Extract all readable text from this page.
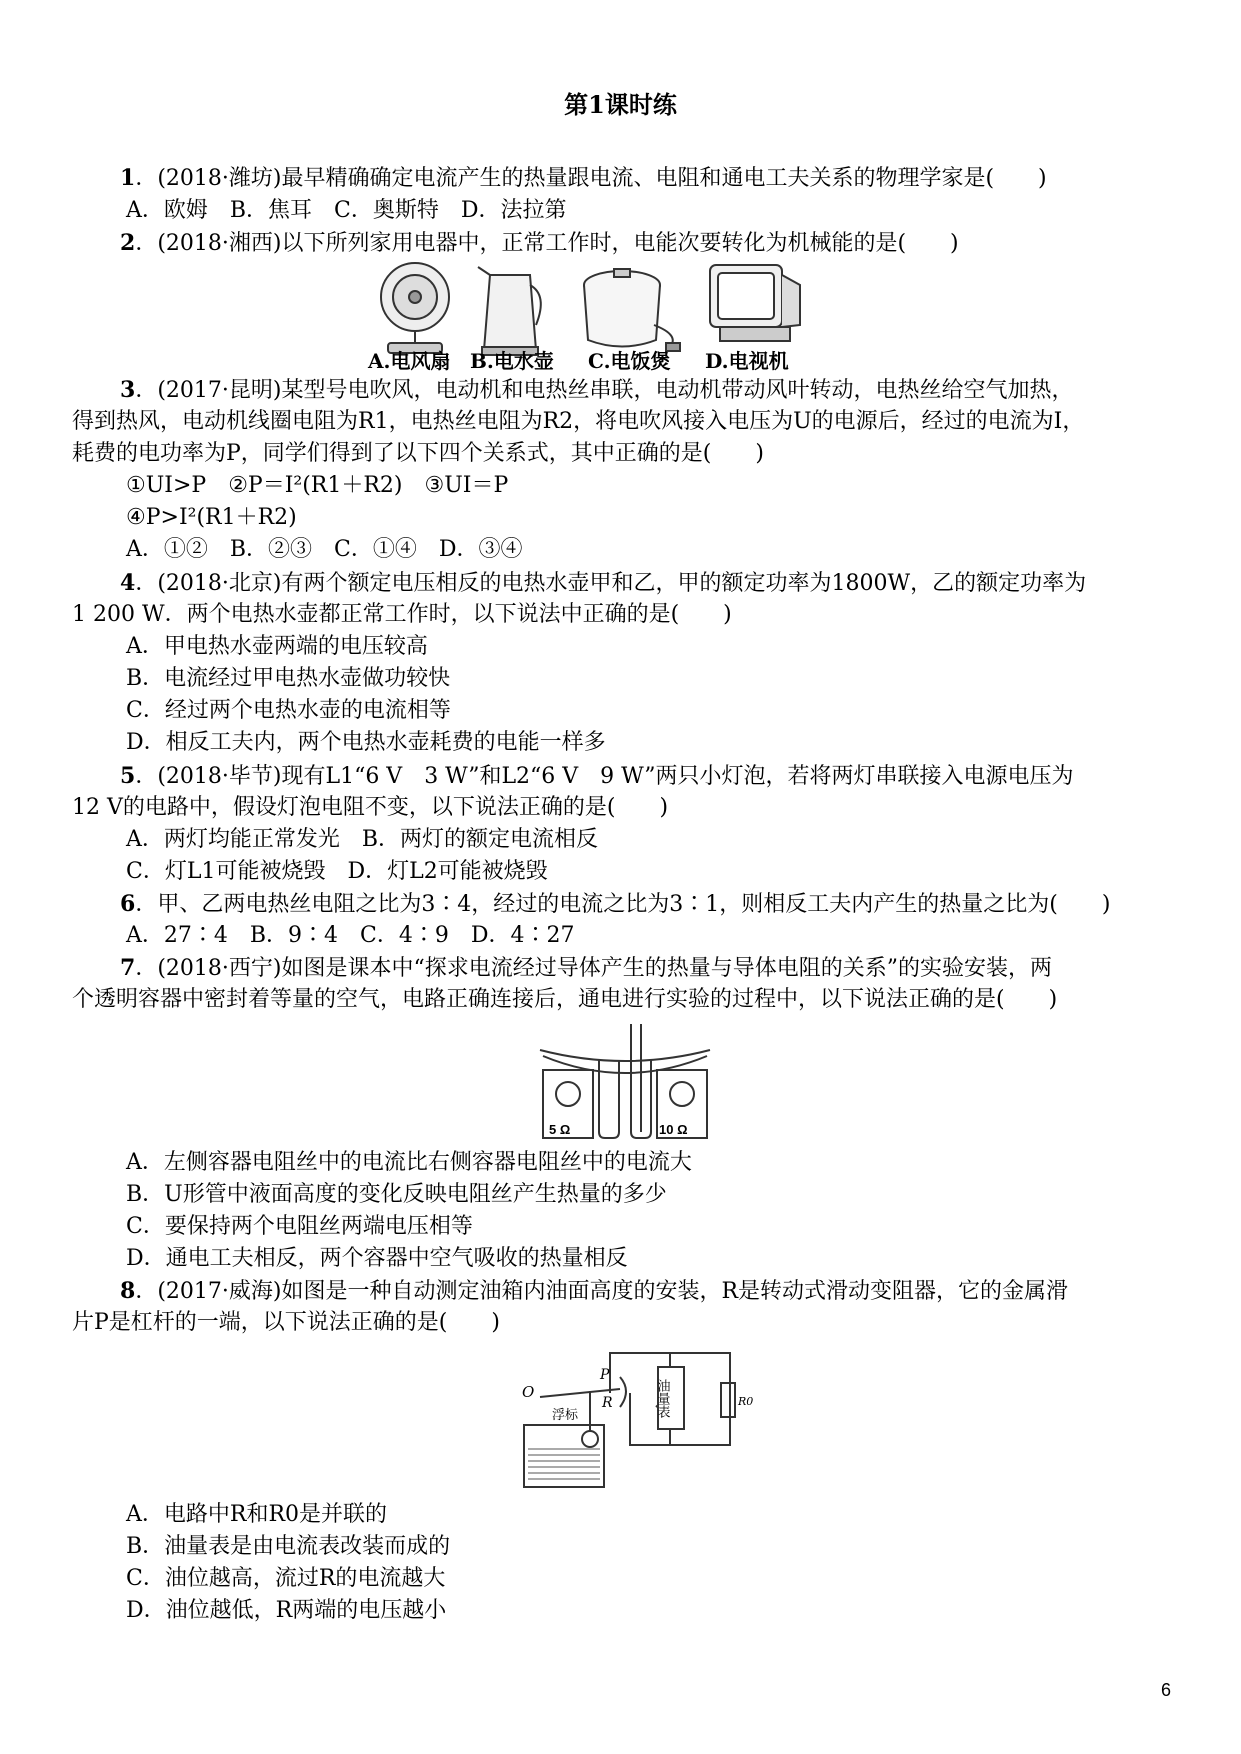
第1课时练
1．(2018·潍坊)最早精确确定电流产生的热量跟电流、电阻和通电工夫关系的物理学家是(　　)
A．欧姆　B．焦耳　C．奥斯特　D．法拉第
2．(2018·湘西)以下所列家用电器中，正常工作时，电能次要转化为机械能的是(　　)
A.电风扇 B.电水壶 C.电饭煲 D.电视机
3．(2017·昆明)某型号电吹风，电动机和电热丝串联，电动机带动风叶转动，电热丝给空气加热，
得到热风，电动机线圈电阻为R1，电热丝电阻为R2，将电吹风接入电压为U的电源后，经过的电流为I，
耗费的电功率为P，同学们得到了以下四个关系式，其中正确的是(　　)
①UI>P　②P＝I²(R1＋R2)　③UI＝P
④P>I²(R1＋R2)
A．①②　B．②③　C．①④　D．③④
4．(2018·北京)有两个额定电压相反的电热水壶甲和乙，甲的额定功率为1800W，乙的额定功率为
1 200 W．两个电热水壶都正常工作时，以下说法中正确的是(　　)
A．甲电热水壶两端的电压较高
B．电流经过甲电热水壶做功较快
C．经过两个电热水壶的电流相等
D．相反工夫内，两个电热水壶耗费的电能一样多
5．(2018·毕节)现有L1“6 V　3 W”和L2“6 V　9 W”两只小灯泡，若将两灯串联接入电源电压为
12 V的电路中，假设灯泡电阻不变，以下说法正确的是(　　)
A．两灯均能正常发光　B．两灯的额定电流相反
C．灯L1可能被烧毁　D．灯L2可能被烧毁
6．甲、乙两电热丝电阻之比为3∶4，经过的电流之比为3∶1，则相反工夫内产生的热量之比为(　　)
A．27∶4　B．9∶4　C．4∶9　D．4∶27
7．(2018·西宁)如图是课本中“探求电流经过导体产生的热量与导体电阻的关系”的实验安装，两
个透明容器中密封着等量的空气，电路正确连接后，通电进行实验的过程中，以下说法正确的是(　　)
5 Ω	10 Ω
A．左侧容器电阻丝中的电流比右侧容器电阻丝中的电流大
B．U形管中液面高度的变化反映电阻丝产生热量的多少
C．要保持两个电阻丝两端电压相等
D．通电工夫相反，两个容器中空气吸收的热量相反
8．(2017·威海)如图是一种自动测定油箱内油面高度的安装，R是转动式滑动变阻器，它的金属滑
片P是杠杆的一端，以下说法正确的是(　　)
O
P
R
浮标	油量表	R0
A．电路中R和R0是并联的
B．油量表是由电流表改装而成的
C．油位越高，流过R的电流越大
D．油位越低，R两端的电压越小
6
